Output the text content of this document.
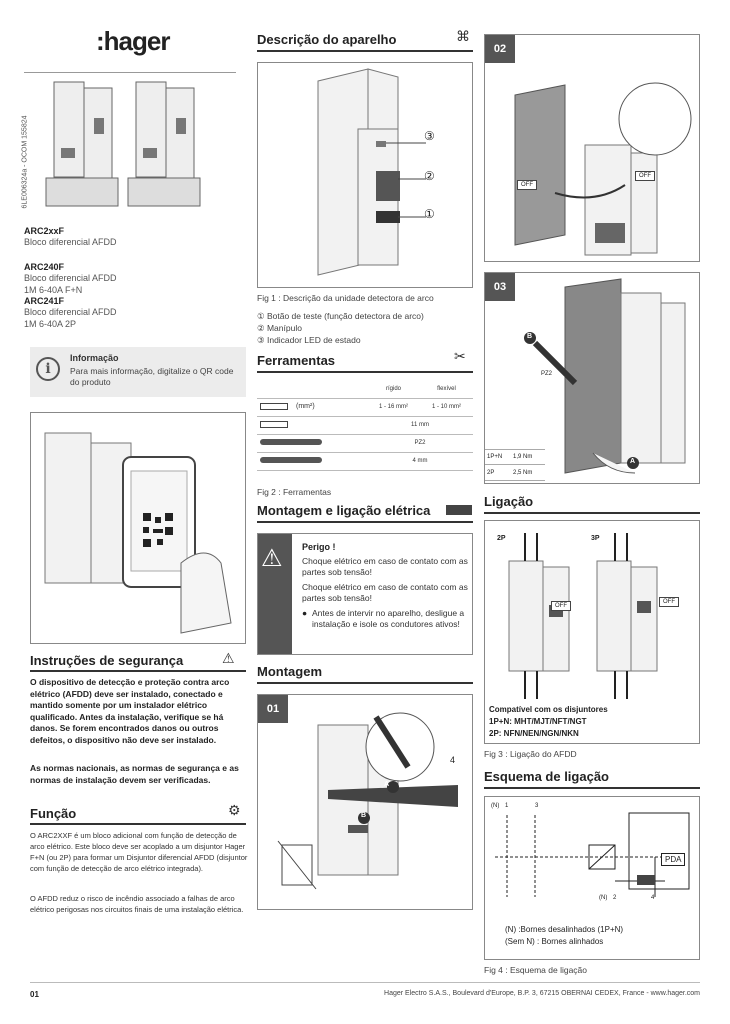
:hager
6LE006324a - OCOM 155824
ARC2xxF
Bloco diferencial AFDD
ARC240F
Bloco diferencial AFDD
1M 6-40A F+N
ARC241F
Bloco diferencial AFDD
1M 6-40A 2P
i
Informação
Para mais informação, digitalize o QR code do produto
Instruções de segurança	⚠
O dispositivo de detecção e proteção contra arco elétrico (AFDD) deve ser instalado, conectado e mantido somente por um instalador elétrico qualificado. Antes da instalação, verifique se há danos. Se forem encontrados danos ou outros defeitos, o dispositivo não deve ser instalado.
As normas nacionais, as normas de segurança e as normas de instalação devem ser verificadas.
Função	⚙
O ARC2XXF é um bloco adicional com função de detecção de arco elétrico. Este bloco deve ser acoplado a um disjuntor Hager F+N (ou 2P) para formar um Disjuntor diferencial AFDD (disjuntor com função de detecção de arco elétrico integrada).
O AFDD reduz o risco de incêndio associado a falhas de arco elétrico perigosas nos circuitos finais de uma instalação elétrica.
Descrição do aparelho	⌘
③
②
①
Fig 1 : Descrição da unidade detectora de arco
① Botão de teste (função detectora de arco)
② Manípulo
③ Indicador LED de estado
Ferramentas	✂
	rígido	flexível
(mm²)	1 - 16 mm²	1 - 10 mm²
	11 mm	
	PZ2	
	4 mm	
Fig 2 : Ferramentas
Montagem e ligação elétrica
⚠ Perigo !
Choque elétrico em caso de contato com as partes sob tensão!
Choque elétrico em caso de contato com as partes sob tensão!
● Antes de intervir no aparelho, desligue a instalação e isole os condutores ativos!
Montagem
01
A
B
4
02
OFF
OFF
03
B
A
PZ2
1P+N	1,9 Nm
2P	2,5 Nm
Ligação
2P	3P
OFF
OFF
Compatível com os disjuntores
1P+N: MHT/MJT/NFT/NGT
2P: NFN/NEN/NGN/NKN
Fig 3 : Ligação do AFDD
Esquema de ligação
(N) 1	3
(N) 2	4
PDA
(N) :Bornes desalinhados (1P+N)
(Sem N) : Bornes alinhados
Fig 4 : Esquema de ligação
01	Hager Electro S.A.S., Boulevard d'Europe, B.P. 3, 67215 OBERNAI CEDEX, France - www.hager.com
